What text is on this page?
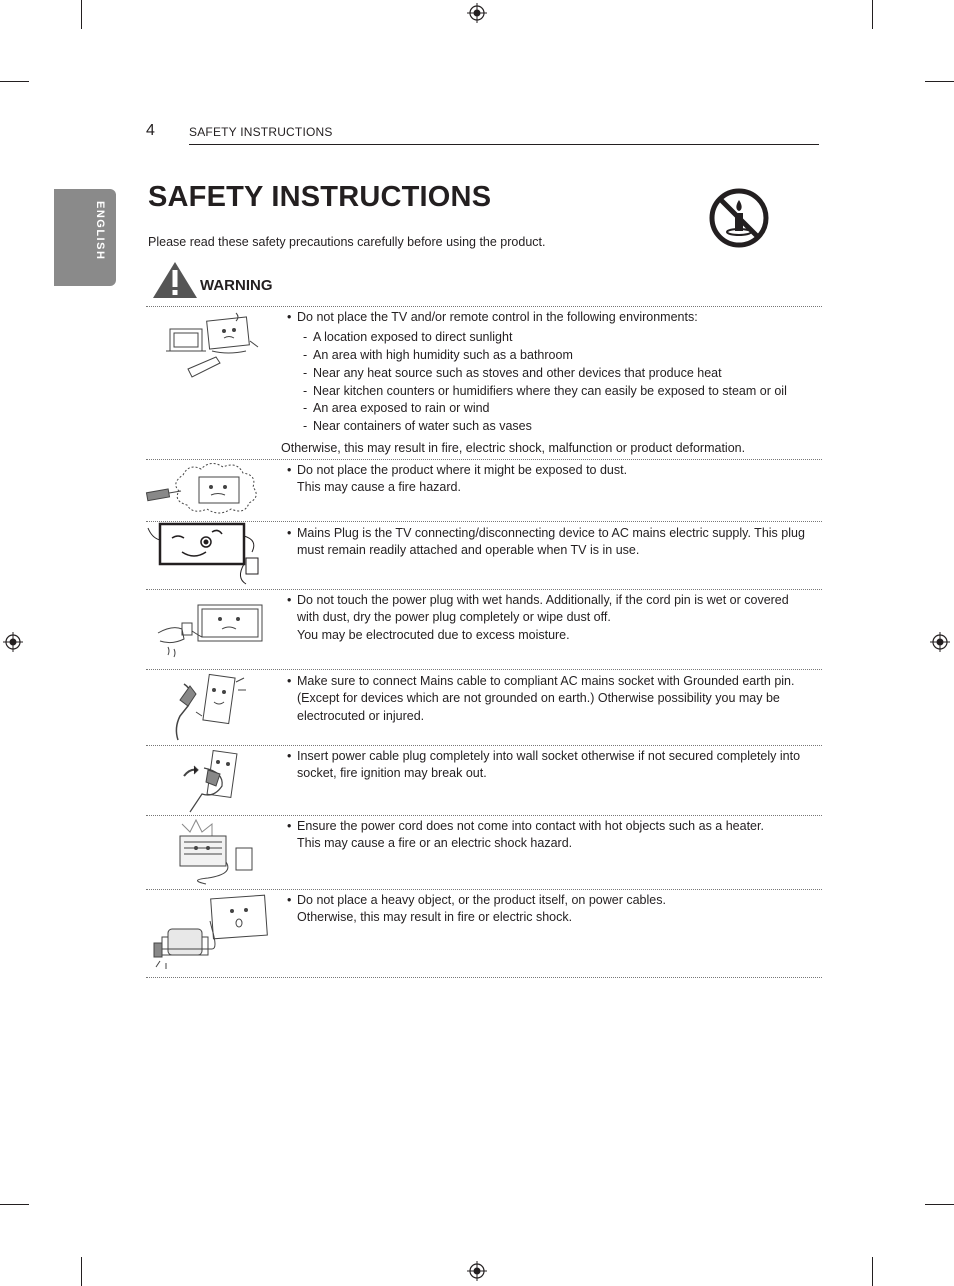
4	SAFETY INSTRUCTIONS
ENGLISH
SAFETY INSTRUCTIONS
Please read these safety precautions carefully before using the product.
WARNING
• Do not place the TV and/or remote control in the following environments:
- A location exposed to direct sunlight
- An area with high humidity such as a bathroom
- Near any heat source such as stoves and other devices that produce heat
- Near kitchen counters or humidifiers where they can easily be exposed to steam or oil
- An area exposed to rain or wind
- Near containers of water such as vases
Otherwise, this may result in fire, electric shock, malfunction or product deformation.
• Do not place the product where it might be exposed to dust.
This may cause a fire hazard.
• Mains Plug is the TV connecting/disconnecting device to AC mains electric supply. This plug
must remain readily attached and operable when TV is in use.
• Do not touch the power plug with wet hands. Additionally, if the cord pin is wet or covered
with dust, dry the power plug completely or wipe dust off.
You may be electrocuted due to excess moisture.
• Make sure to connect Mains cable to compliant AC mains socket with Grounded earth pin.
(Except for devices which are not grounded on earth.) Otherwise possibility you may be
electrocuted or injured.
• Insert power cable plug completely into wall socket otherwise if not secured completely into
socket, fire ignition may break out.
• Ensure the power cord does not come into contact with hot objects such as a heater.
This may cause a fire or an electric shock hazard.
• Do not place a heavy object, or the product itself, on power cables.
Otherwise, this may result in fire or electric shock.
